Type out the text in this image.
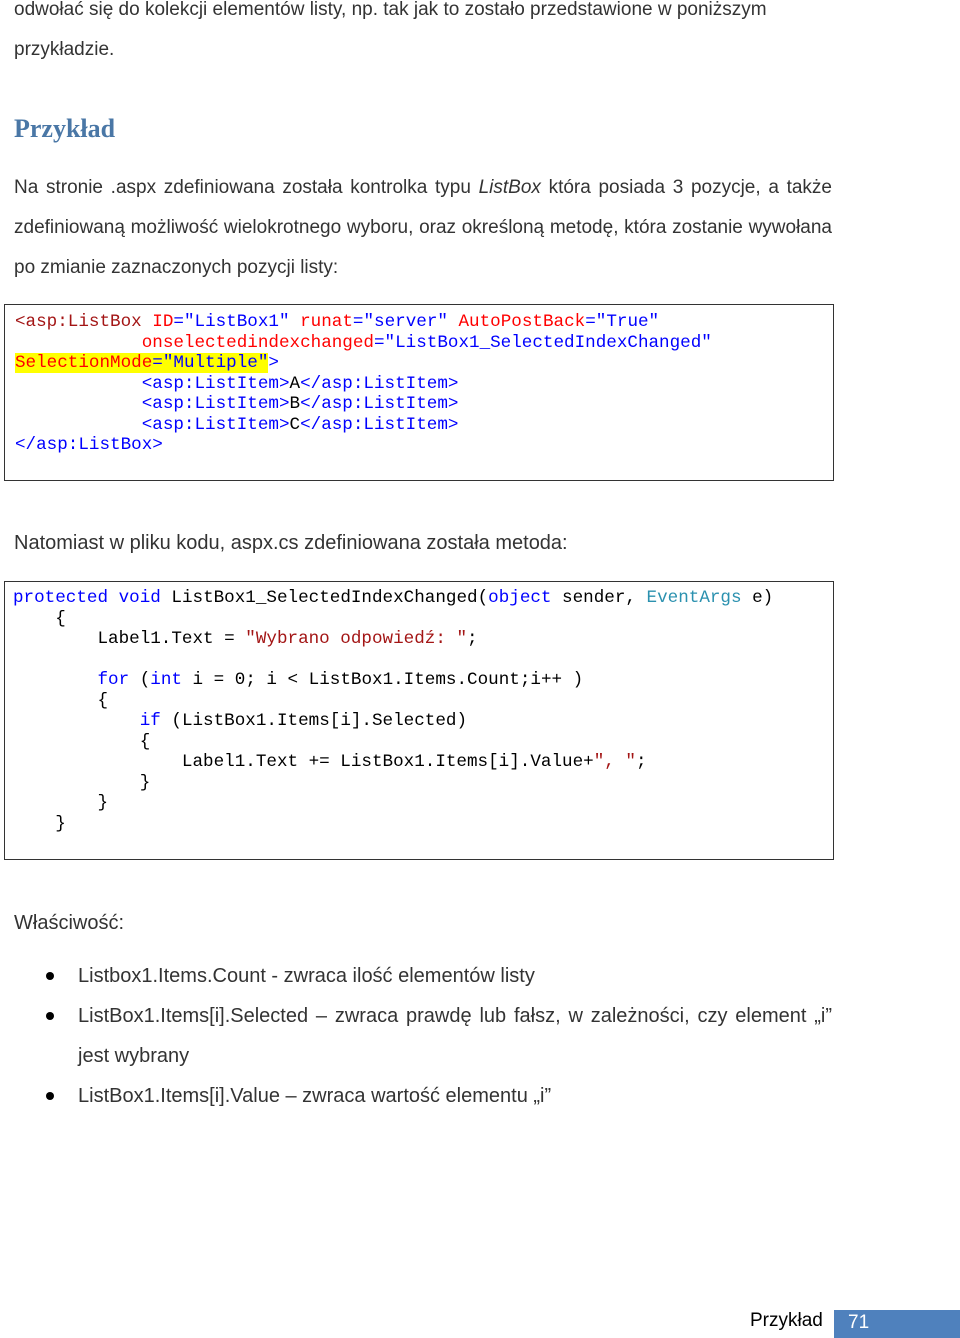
odwołać się do kolekcji elementów listy, np. tak jak to zostało przedstawione w poniższym
przykładzie.

Przykład

Na stronie .aspx zdefiniowana została kontrolka typu ListBox która posiada 3 pozycje, a także zdefiniowaną możliwość wielokrotnego wyboru, oraz określoną metodę, która zostanie wywołana po zmianie zaznaczonych pozycji listy:

<asp:ListBox ID="ListBox1" runat="server" AutoPostBack="True"
onselectedindexchanged="ListBox1_SelectedIndexChanged"
SelectionMode="Multiple">
<asp:ListItem>A</asp:ListItem>
<asp:ListItem>B</asp:ListItem>
<asp:ListItem>C</asp:ListItem>
</asp:ListBox>

Natomiast w pliku kodu, aspx.cs zdefiniowana została metoda:

protected void ListBox1_SelectedIndexChanged(object sender, EventArgs e)
{
Label1.Text = "Wybrano odpowiedź: ";

for (int i = 0; i < ListBox1.Items.Count;i++ )
{
if (ListBox1.Items[i].Selected)
{
Label1.Text += ListBox1.Items[i].Value+", ";
}
}
}

Właściwość:

Listbox1.Items.Count - zwraca ilość elementów listy
ListBox1.Items[i].Selected – zwraca prawdę lub fałsz, w zależności, czy element „i” jest wybrany
ListBox1.Items[i].Value – zwraca wartość elementu „i”
Przykład	71
